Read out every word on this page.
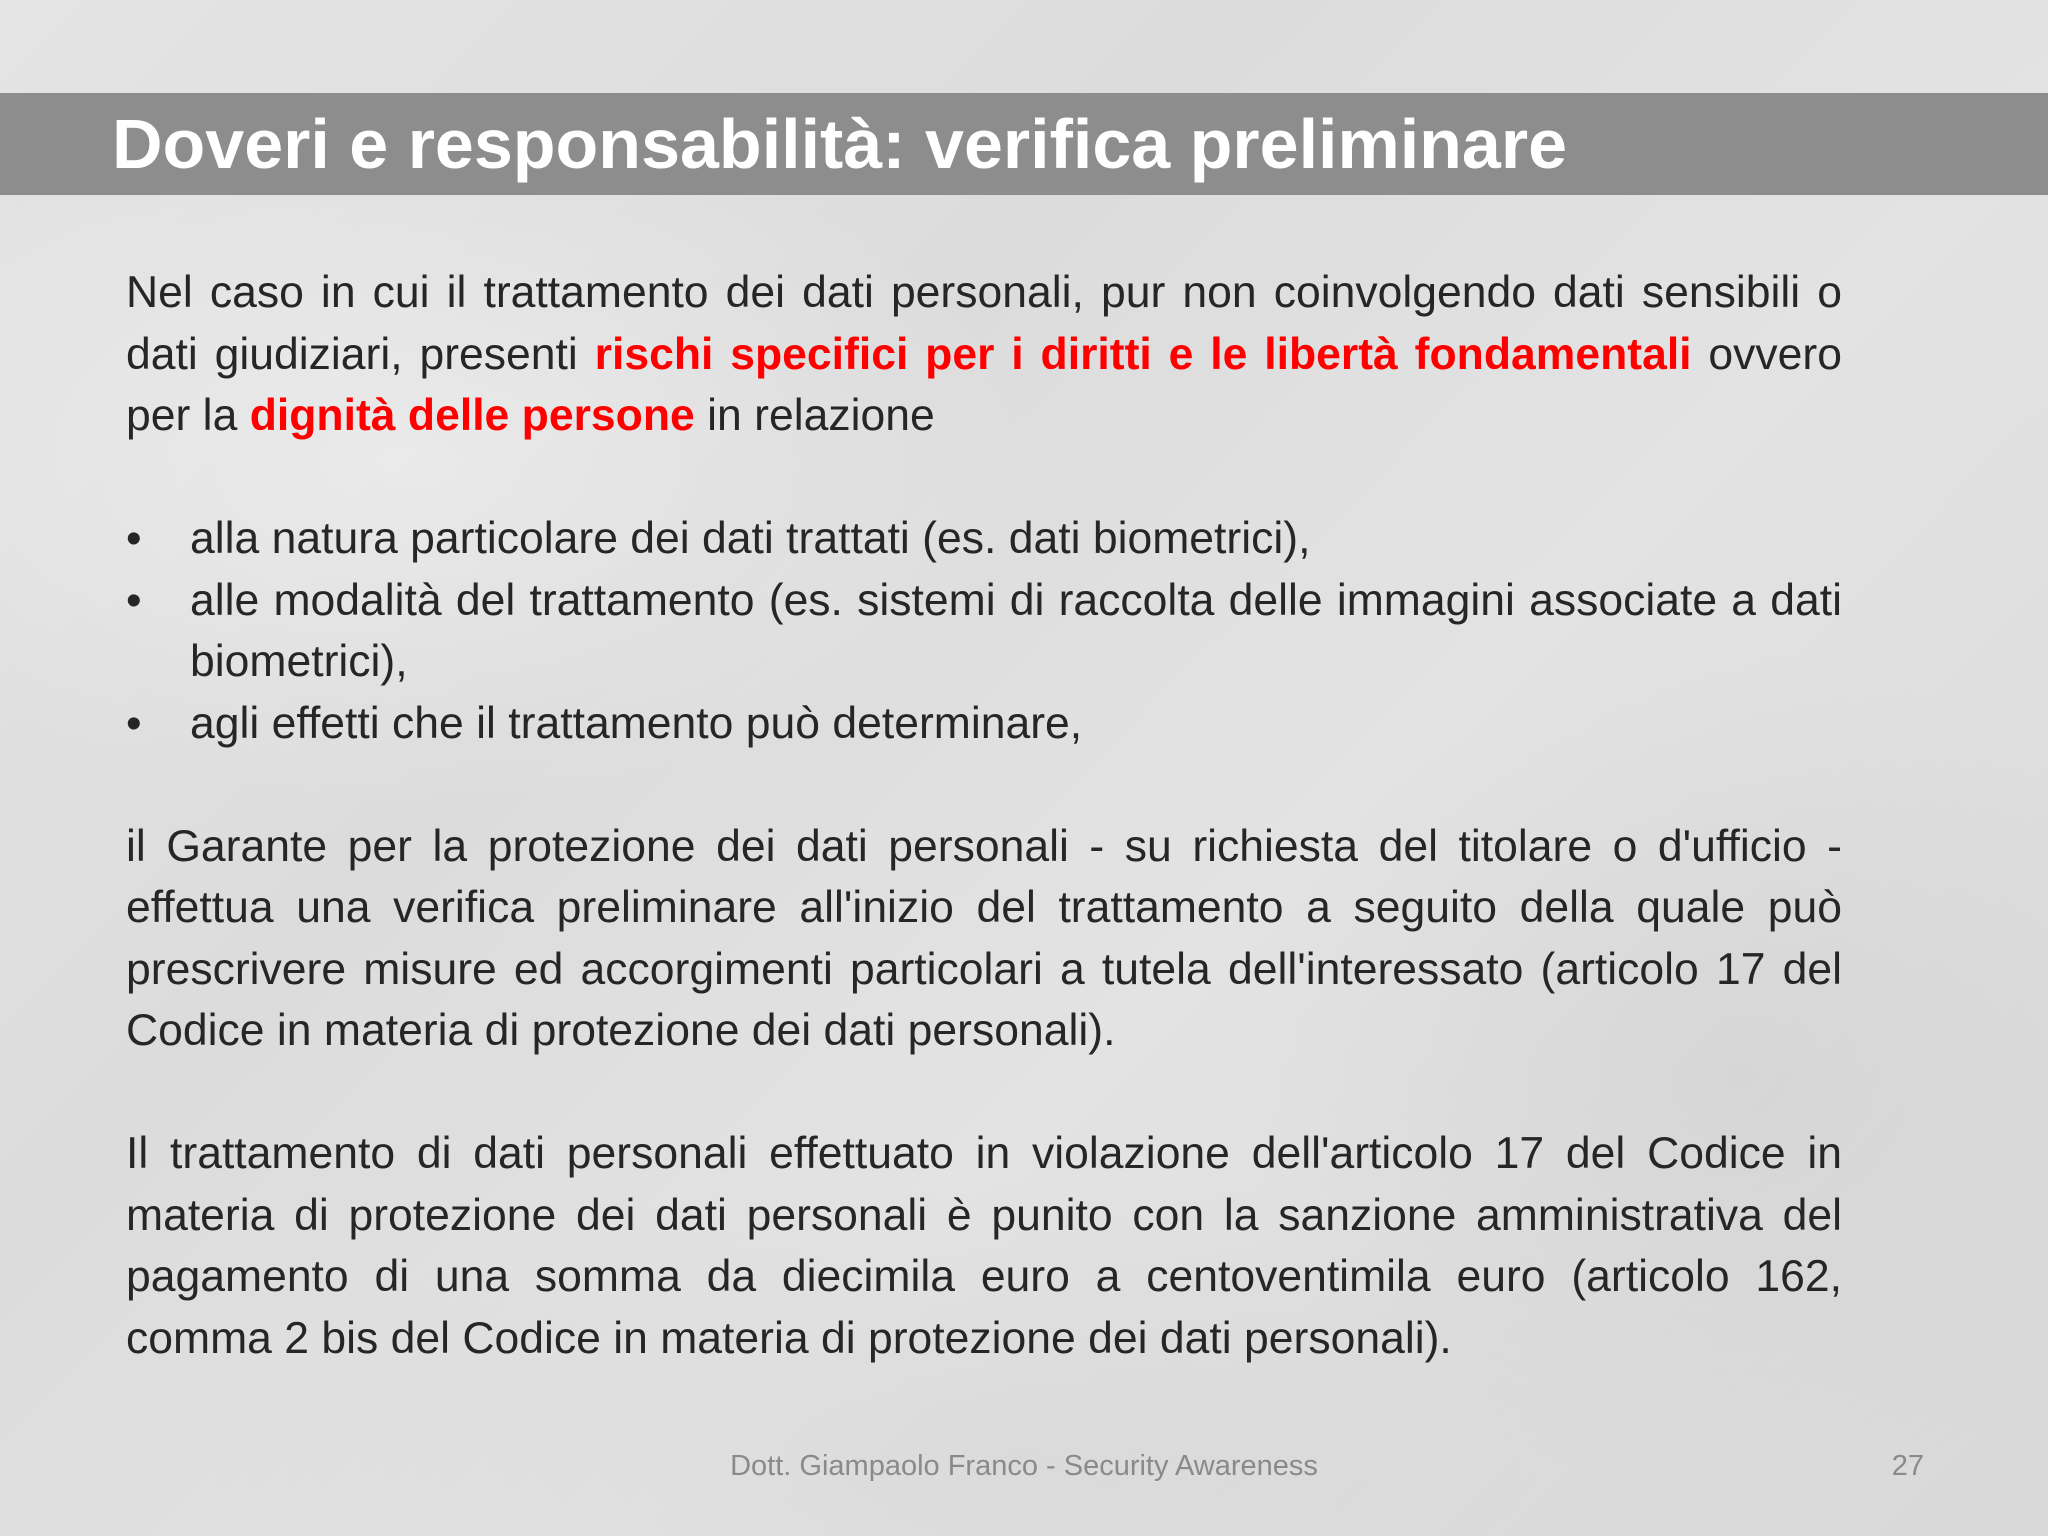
Doveri e responsabilità: verifica preliminare

Nel caso in cui il trattamento dei dati personali, pur non coinvolgendo dati sensibili o dati giudiziari, presenti rischi specifici per i diritti e le libertà fondamentali ovvero per la dignità delle persone in relazione

• alla natura particolare dei dati trattati (es. dati biometrici),
• alle modalità del trattamento (es. sistemi di raccolta delle immagini associate a dati biometrici),
• agli effetti che il trattamento può determinare,

il Garante per la protezione dei dati personali - su richiesta del titolare o d'ufficio - effettua una verifica preliminare all'inizio del trattamento a seguito della quale può prescrivere misure ed accorgimenti particolari a tutela dell'interessato (articolo 17 del Codice in materia di protezione dei dati personali).

Il trattamento di dati personali effettuato in violazione dell'articolo 17 del Codice in materia di protezione dei dati personali è punito con la sanzione amministrativa del pagamento di una somma da diecimila euro a centoventimila euro (articolo 162, comma 2 bis del Codice in materia di protezione dei dati personali).

Dott. Giampaolo Franco - Security Awareness	27
